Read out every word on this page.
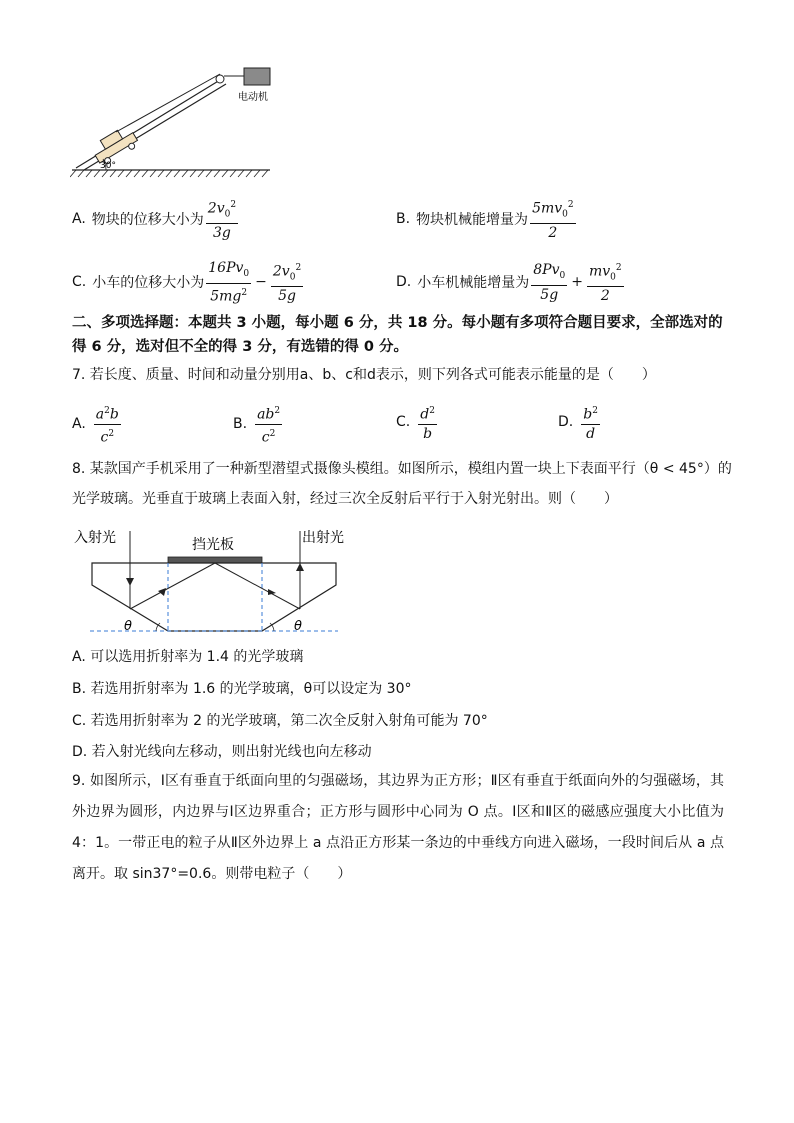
电动机
30°
A. 物块的位移大小为 $\frac{2v_0^2}{3g}$	B. 物块机械能增量为 $\frac{5mv_0^2}{2}$
C. 小车的位移大小为 $\frac{16Pv_0}{5mg^2} - \frac{2v_0^2}{5g}$	D. 小车机械能增量为 $\frac{8Pv_0}{5g} + \frac{mv_0^2}{2}$
二、多项选择题：本题共 3 小题，每小题 6 分，共 18 分。每小题有多项符合题目要求，全部选对的得 6 分，选对但不全的得 3 分，有选错的得 0 分。
7. 若长度、质量、时间和动量分别用a、b、c和d表示，则下列各式可能表示能量的是（　　）
A. $\frac{a^2b}{c^2}$	B. $\frac{ab^2}{c^2}$	C. $\frac{d^2}{b}$	D. $\frac{b^2}{d}$
8. 某款国产手机采用了一种新型潜望式摄像头模组。如图所示，模组内置一块上下表面平行（θ < 45°）的
光学玻璃。光垂直于玻璃上表面入射，经过三次全反射后平行于入射光射出。则（　　）
入射光	出射光
挡光板
θ	θ
A. 可以选用折射率为 1.4 的光学玻璃
B. 若选用折射率为 1.6 的光学玻璃，θ可以设定为 30°
C. 若选用折射率为 2 的光学玻璃，第二次全反射入射角可能为 70°
D. 若入射光线向左移动，则出射光线也向左移动
9. 如图所示，Ⅰ区有垂直于纸面向里的匀强磁场，其边界为正方形；Ⅱ区有垂直于纸面向外的匀强磁场，其外边界为圆形，内边界与Ⅰ区边界重合；正方形与圆形中心同为 O 点。Ⅰ区和Ⅱ区的磁感应强度大小比值为 4：1。一带正电的粒子从Ⅱ区外边界上 a 点沿正方形某一条边的中垂线方向进入磁场，一段时间后从 a 点离开。取 sin37°=0.6。则带电粒子（　　）
